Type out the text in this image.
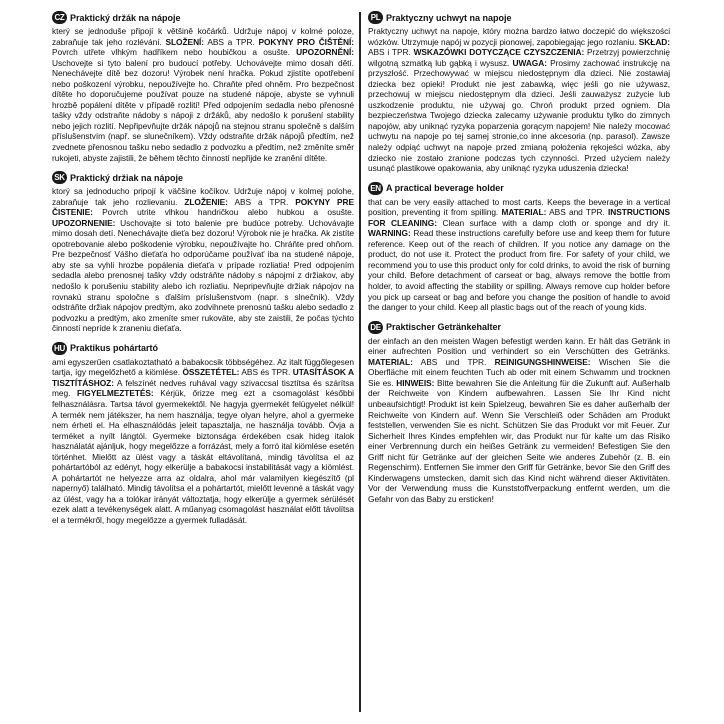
CZ Praktický držák na nápoje

který se jednoduše připojí k většině kočárků. Udržuje nápoj v kolmé poloze, zabraňuje tak jeho rozlévání. SLOŽENÍ: ABS a TPR. POKYNY PRO ČIŠTĚNÍ: Povrch utřete vlhkým hadříkem nebo houbičkou a osušte. UPOZORNĚNÍ: Uschovejte si tyto balení pro budoucí potřeby. Uchovávejte mimo dosah dětí. Nenechávejte dítě bez dozoru! Výrobek není hračka. Pokud zjistíte opotřebení nebo poškození výrobku, nepoužívejte ho. Chraňte před ohněm. Pro bezpečnost dítěte ho doporučujeme používat pouze na studené nápoje, abyste se vyhnuli hrozbě popálení dítěte v případě rozlití! Před odpojením sedadla nebo přenosné tašky vždy odstraňte nádoby s nápoji z držáků, aby nedošlo k porušení stability nebo jejich rozlití. Nepřipevňujte držák nápojů na stejnou stranu společně s dalším příslušenstvím (např. se slunečníkem). Vždy odstraňte držák nápojů předtím, než zvednete přenosnou tašku nebo sedadlo z podvozku a předtím, než změníte směr rukojeti, abyste zajistili, že během těchto činností nepřijde ke zranění dítěte.

SK Praktický držiak na nápoje

ktorý sa jednoducho pripojí k väčšine kočíkov. Udržuje nápoj v kolmej polohe, zabraňuje tak jeho rozlievaniu. ZLOŽENIE: ABS a TPR. POKYNY PRE ČISTENIE: Povrch utrite vlhkou handričkou alebo hubkou a osušte. UPOZORNENIE: Uschovajte si toto balenie pre budúce potreby. Uchovávajte mimo dosah detí. Nenechávajte dieťa bez dozoru! Výrobok nie je hračka. Ak zistíte opotrebovanie alebo poškodenie výrobku, nepoužívajte ho. Chráňte pred ohňom. Pre bezpečnosť Vášho dieťaťa ho odporúčame používať iba na studené nápoje, aby ste sa vyhli hrozbe popálenia dieťaťa v prípade rozliatia! Pred odpojením sedadla alebo prenosnej tašky vždy odstráňte nádoby s nápojmi z držiakov, aby nedošlo k porušeniu stability alebo ich rozliatiu. Nepripevňujte držiak nápojov na rovnakú stranu spoločne s ďalším príslušenstvom (napr. s slnečník). Vždy odstráňte držiak nápojov predtým, ako zodvihnete prenosnú tašku alebo sedadlo z podvozku a predtým, ako zmeníte smer rukoväte, aby ste zaistili, že počas týchto činností nepríde k zraneniu dieťaťa.

HU Praktikus pohártartó

ami egyszerűen csatlakoztatható a babakocsik többségéhez. Az italt függőlegesen tartja, így megelőzhető a kiömlése. ÖSSZETÉTEL: ABS és TPR. UTASÍTÁSOK A TISZTÍTÁSHOZ: A felszínét nedves ruhával vagy szivaccsal tisztítsa és szárítsa meg. FIGYELMEZTETÉS: Kérjük, őrizze meg ezt a csomagolást későbbi felhasználásra. Tartsa távol gyermekektől. Ne hagyja gyermekét felügyelet nélkül! A termék nem játékszer, ha nem használja, tegye olyan helyre, ahol a gyermeke nem érheti el. Ha elhasználódás jeleit tapasztalja, ne használja tovább. Óvja a terméket a nyílt lángtól. Gyermeke biztonsága érdekében csak hideg italok használatát ajánljuk, hogy megelőzze a forrázást, mely a forró ital kiömlése esetén történhet. Mielőtt az ülést vagy a táskát eltávolítaná, mindig távolítsa el az pohártartóból az edényt, hogy elkerülje a babakocsi instabilitását vagy a kiömlést. A pohártartót ne helyezze arra az oldalra, ahol már valamilyen kiegészítő (pl napernyő) található. Mindig távolítsa el a pohártartót, mielőtt levenné a táskát vagy az ülést, vagy ha a tolókar irányát változtatja, hogy elkerülje a gyermek sérülését ezek alatt a tevékenységek alatt. A műanyag csomagolást használat előtt távolítsa el a termékről, hogy megelőzze a gyermek fulladását.

PL Praktyczny uchwyt na napoje

Praktyczny uchwyt na napoje, który można bardzo łatwo doczepić do większości wózków. Utrzymuje napój w pozycji pionowej, zapobiegając jego rozlaniu. SKŁAD: ABS i TPR. WSKAZÓWKI DOTYCZĄCE CZYSZCZENIA: Przetrzyj powierzchnię wilgotną szmatką lub gąbką i wysusz. UWAGA: Prosimy zachować instrukcję na przyszłość. Przechowywać w miejscu niedostępnym dla dzieci. Nie zostawiaj dziecka bez opieki! Produkt nie jest zabawką, więc jeśli go nie używasz, przechowuj w miejscu niedostępnym dla dzieci. Jeśli zauważysz zużycie lub uszkodzenie produktu, nie używaj go. Chroń produkt przed ogniem. Dla bezpieczeństwa Twojego dziecka zalecamy używanie produktu tylko do zimnych napojów, aby uniknąć ryzyka poparzenia gorącym napojem! Nie należy mocować uchwytu na napoje po tej samej stronie,co inne akcesoria (np. parasol). Zawsze należy odpiąć uchwyt na napoje przed zmianą położenia rękojeści wózka, aby dziecko nie zostało zranione podczas tych czynności. Przed użyciem należy usunąć plastikowe opakowania, aby uniknąć ryzyka uduszenia dziecka!

EN A practical beverage holder

that can be very easily attached to most carts. Keeps the beverage in a vertical position, preventing it from spilling. MATERIAL: ABS and TPR. INSTRUCTIONS FOR CLEANING: Clean surface with a damp cloth or sponge and dry it. WARNING: Read these instructions carefully before use and keep them for future reference. Keep out of the reach of children. If you notice any damage on the product, do not use it. Protect the product from fire. For safety of your child, we recommend you to use this product only for cold drinks, to avoid the risk of burning your child. Before detachment of carseat or bag, always remove the bottle from holder, to avoid affecting the stability or spilling. Always remove cup holder before you pick up carseat or bag and before you change the position of handle to avoid the danger to your child. Keep all plastic bags out of the reach of young kids.

DE Praktischer Getränkehalter

der einfach an den meisten Wagen befestigt werden kann. Er hält das Getränk in einer aufrechten Position und verhindert so ein Verschütten des Getränks. MATERIAL: ABS und TPR. REINIGUNGSHINWEISE: Wischen Sie die Oberfläche mit einem feuchten Tuch ab oder mit einem Schwamm und trocknen Sie es. HINWEIS: Bitte bewahren Sie die Anleitung für die Zukunft auf. Außerhalb der Reichweite von Kindern aufbewahren. Lassen Sie Ihr Kind nicht unbeaufsichtigt! Produkt ist kein Spielzeug, bewahren Sie es daher außerhalb der Reichweite von Kindern auf. Wenn Sie Verschleiß oder Schäden am Produkt feststellen, verwenden Sie es nicht. Schützen Sie das Produkt vor mit Feuer. Zur Sicherheit Ihres Kindes empfehlen wir, das Produkt nur für kalte um das Risiko einer Verbrennung durch ein heißes Getränk zu vermeiden! Befestigen Sie den Griff nicht für Getränke auf der gleichen Seite wie anderes Zubehör (z. B. ein Regenschirm). Entfernen Sie immer den Griff für Getränke, bevor Sie den Griff des Kinderwagens umstecken, damit sich das Kind nicht während dieser Aktivitäten. Vor der Verwendung muss die Kunststoffverpackung entfernt werden, um die Gefahr von das Baby zu ersticken!
